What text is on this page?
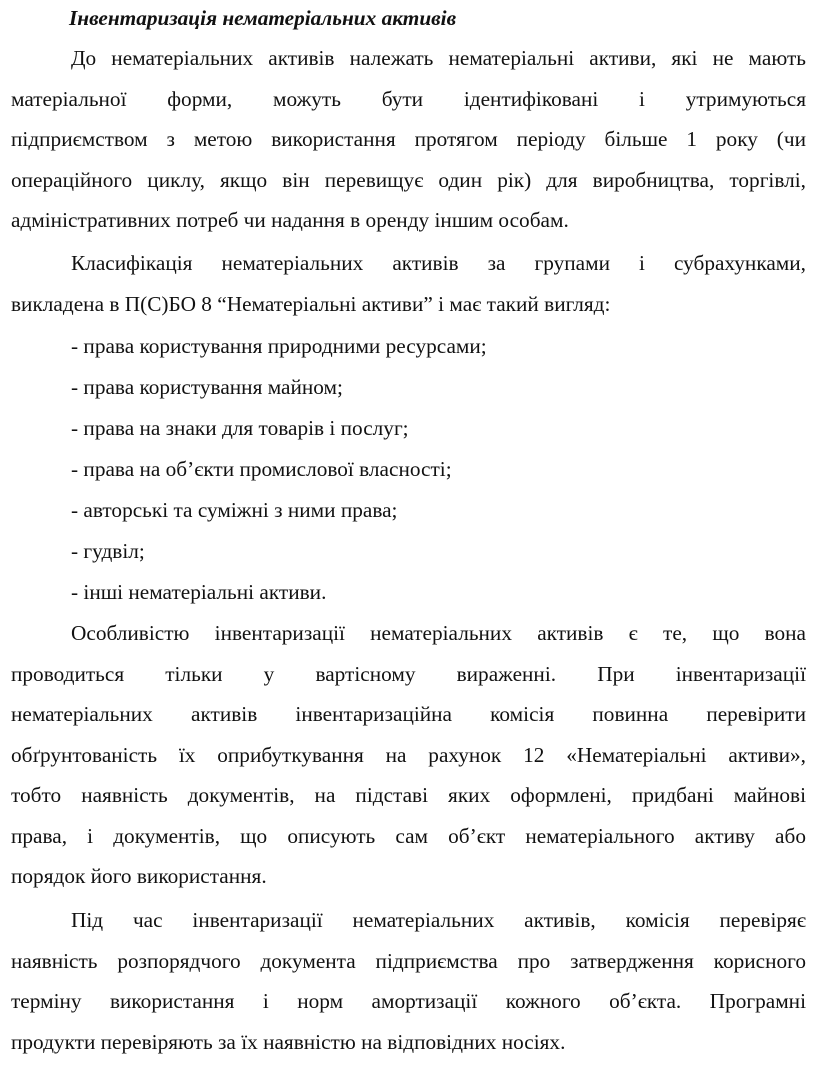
Інвентаризація нематеріальних активів
До нематеріальних активів належать нематеріальні активи, які не мають
матеріальної форми, можуть бути ідентифіковані і утримуються
підприємством з метою використання протягом періоду більше 1 року (чи
операційного циклу, якщо він перевищує один рік) для виробництва, торгівлі,
адміністративних потреб чи надання в оренду іншим особам.
Класифікація нематеріальних активів за групами і субрахунками,
викладена в П(С)БО 8 “Нематеріальні активи” і має такий вигляд:
- права користування природними ресурсами;
- права користування майном;
- права на знаки для товарів і послуг;
- права на об’єкти промислової власності;
- авторські та суміжні з ними права;
- гудвіл;
- інші нематеріальні активи.
Особливістю інвентаризації нематеріальних активів є те, що вона
проводиться тільки у вартісному вираженні. При інвентаризації
нематеріальних активів інвентаризаційна комісія повинна перевірити
обґрунтованість їх оприбуткування на рахунок 12 «Нематеріальні активи»,
тобто наявність документів, на підставі яких оформлені, придбані майнові
права, і документів, що описують сам об’єкт нематеріального активу або
порядок його використання.
Під час інвентаризації нематеріальних активів, комісія перевіряє
наявність розпорядчого документа підприємства про затвердження корисного
терміну використання і норм амортизації кожного об’єкта. Програмні
продукти перевіряють за їх наявністю на відповідних носіях.
